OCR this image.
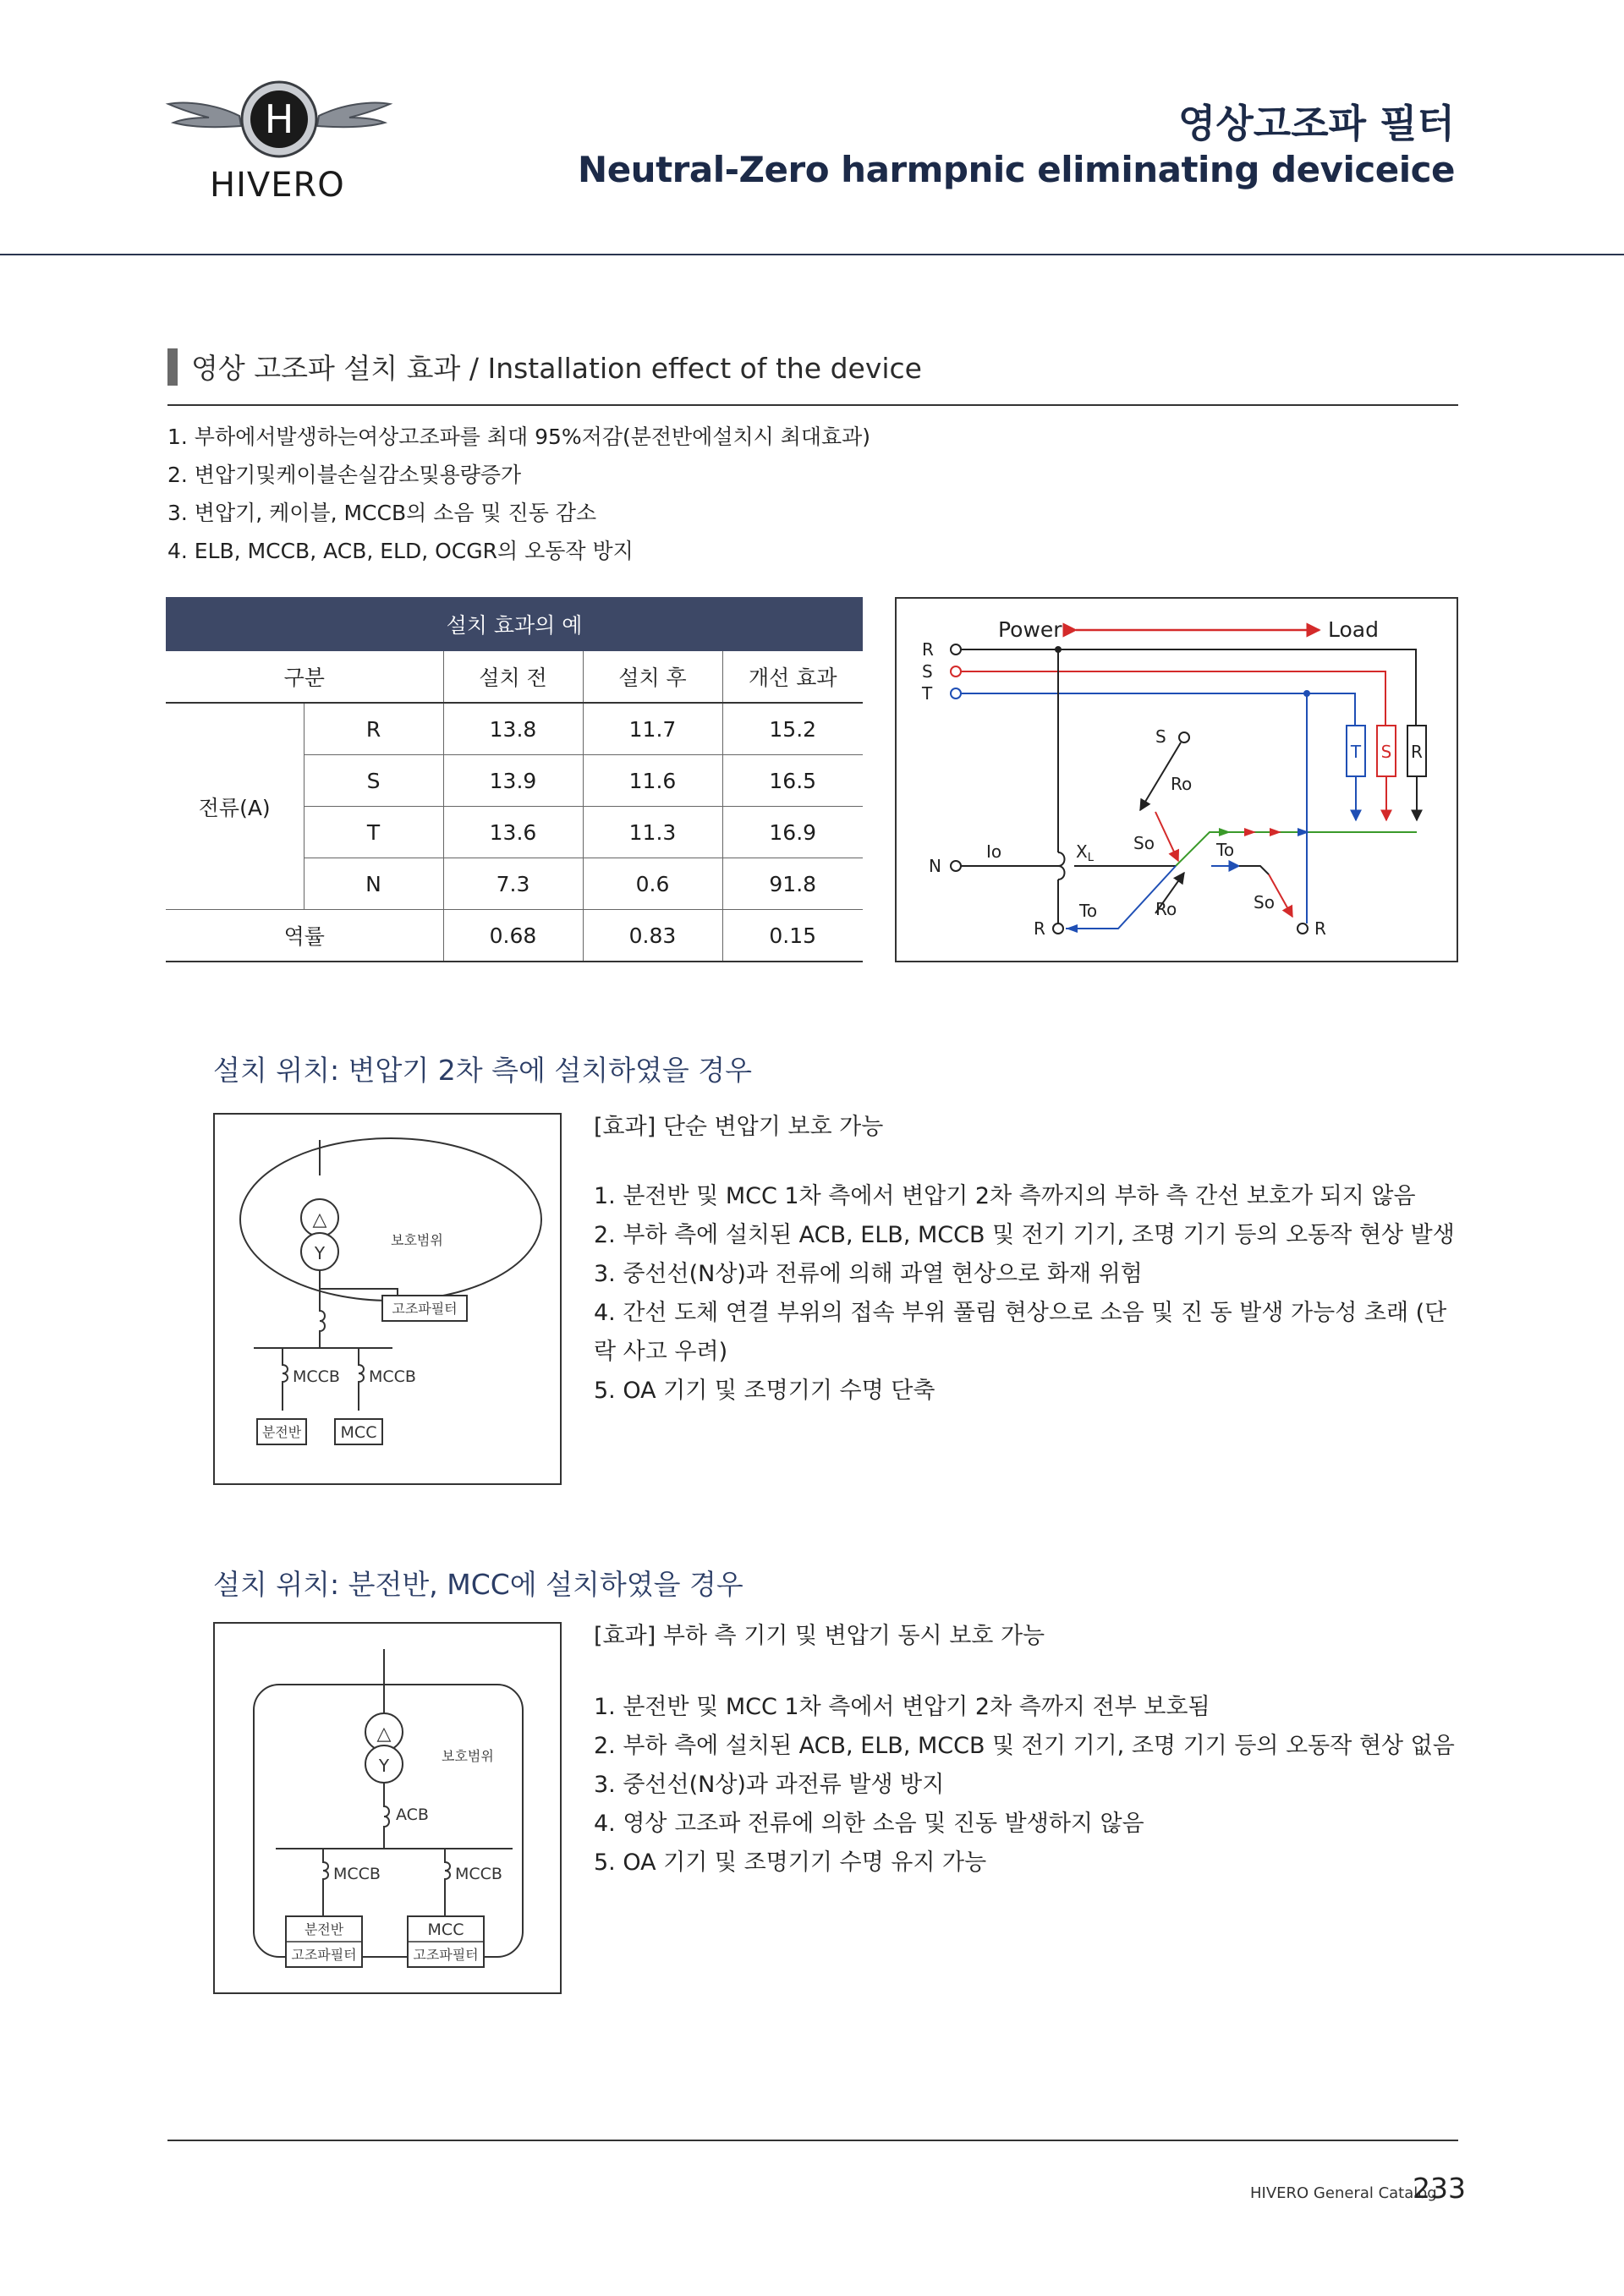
H
HIVERO
영상고조파 필터
Neutral-Zero harmpnic eliminating deviceice
영상 고조파 설치 효과 / Installation effect of the device
1. 부하에서발생하는여상고조파를 최대 95%저감(분전반에설치시 최대효과)
2. 변압기및케이블손실감소및용량증가
3. 변압기, 케이블, MCCB의 소음 및 진동 감소
4. ELB, MCCB, ACB, ELD, OCGR의 오동작 방지
설치 효과의 예				
구분		설치 전	설치 후	개선 효과
전류(A)	R	13.8	11.7	15.2
	S	13.9	11.6	16.5
	T	13.6	11.3	16.9
	N	7.3	0.6	91.8
역률		0.68	0.83	0.15
Power	Load
R
S
T
N
T S R
Io	$X_L$
S
Ro
So	To
Ro
To	So
R	R
설치 위치: 변압기 2차 측에 설치하였을 경우
△
Y
보호범위
고조파필터
MCCB MCCB
분전반 MCC
[효과] 단순 변압기 보호 가능
1. 분전반 및 MCC 1차 측에서 변압기 2차 측까지의 부하 측 간선 보호가 되지 않음
2. 부하 측에 설치된 ACB, ELB, MCCB 및 전기 기기, 조명 기기 등의 오동작 현상 발생
3. 중선선(N상)과 전류에 의해 과열 현상으로 화재 위험
4. 간선 도체 연결 부위의 접속 부위 풀림 현상으로 소음 및 진 동 발생 가능성 초래 (단락 사고 우려)
5. OA 기기 및 조명기기 수명 단축
설치 위치: 분전반, MCC에 설치하였을 경우
△
Y	보호범위
ACB
MCCB	MCCB
분전반
고조파필터
MCC
고조파필터
[효과] 부하 측 기기 및 변압기 동시 보호 가능
1. 분전반 및 MCC 1차 측에서 변압기 2차 측까지 전부 보호됨
2. 부하 측에 설치된 ACB, ELB, MCCB 및 전기 기기, 조명 기기 등의 오동작 현상 없음
3. 중선선(N상)과 과전류 발생 방지
4. 영상 고조파 전류에 의한 소음 및 진동 발생하지 않음
5. OA 기기 및 조명기기 수명 유지 가능
HIVERO General Catalog
233
